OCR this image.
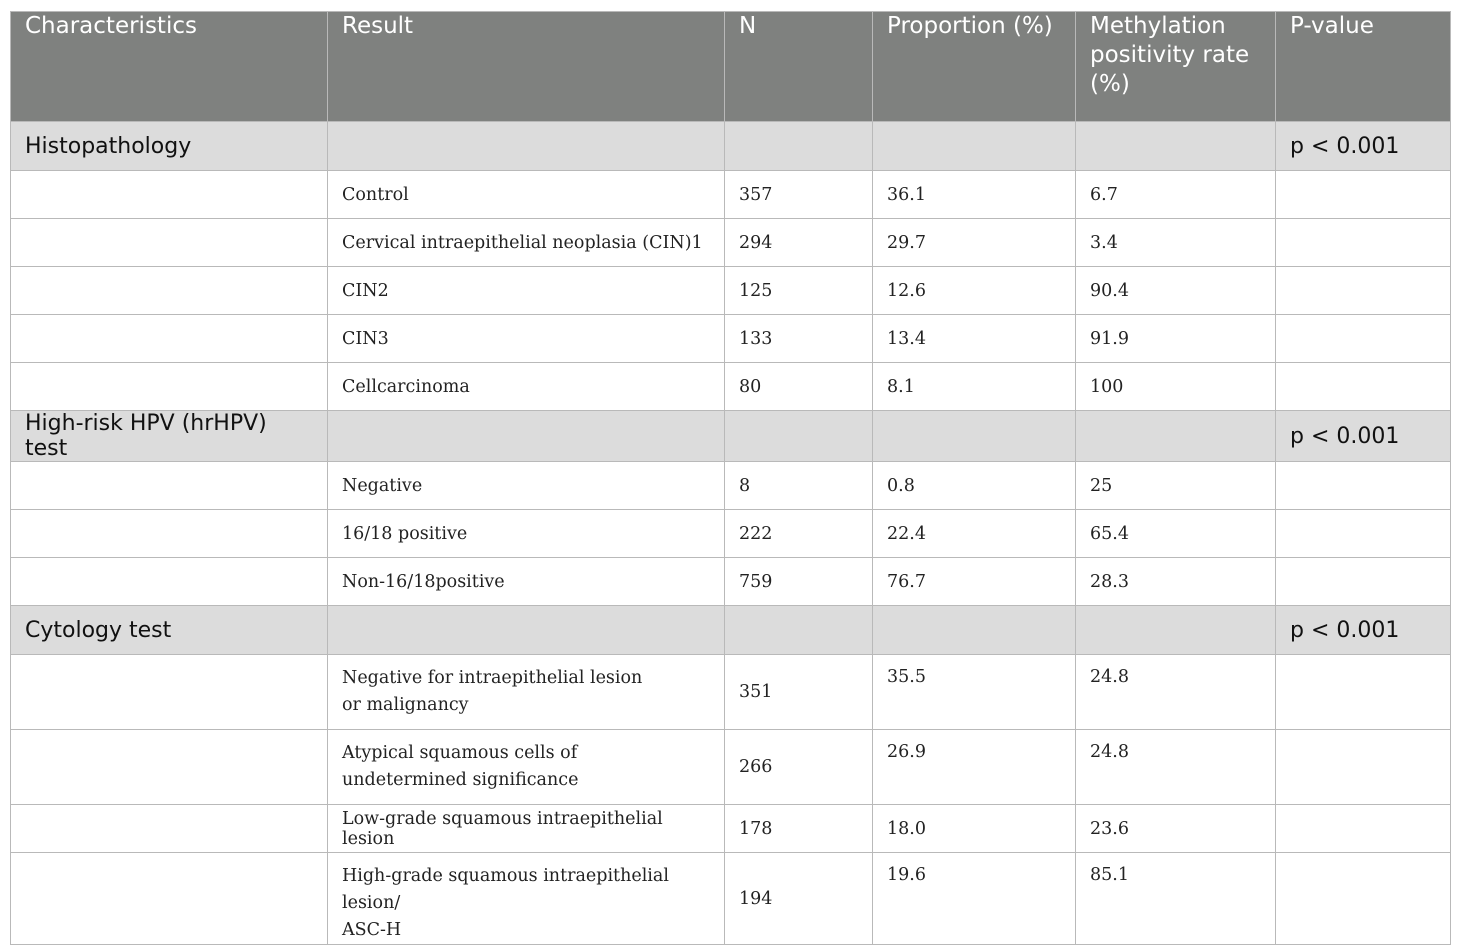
Characteristics	Result	N	Proportion (%)	Methylation positivity rate (%)	P-value
Histopathology					p < 0.001
	Control	357	36.1	6.7	
	Cervical intraepithelial neoplasia (CIN)1	294	29.7	3.4	
	CIN2	125	12.6	90.4	
	CIN3	133	13.4	91.9	
	Cellcarcinoma	80	8.1	100	
High-risk HPV (hrHPV) test					p < 0.001
	Negative	8	0.8	25	
	16/18 positive	222	22.4	65.4	
	Non-16/18positive	759	76.7	28.3	
Cytology test					p < 0.001
	Negative for intraepithelial lesion
or malignancy	351	35.5	24.8	
	Atypical squamous cells of
undetermined significance	266	26.9	24.8	
	Low-grade squamous intraepithelial lesion	178	18.0	23.6	
	High-grade squamous intraepithelial lesion/
ASC-H	194	19.6	85.1	
